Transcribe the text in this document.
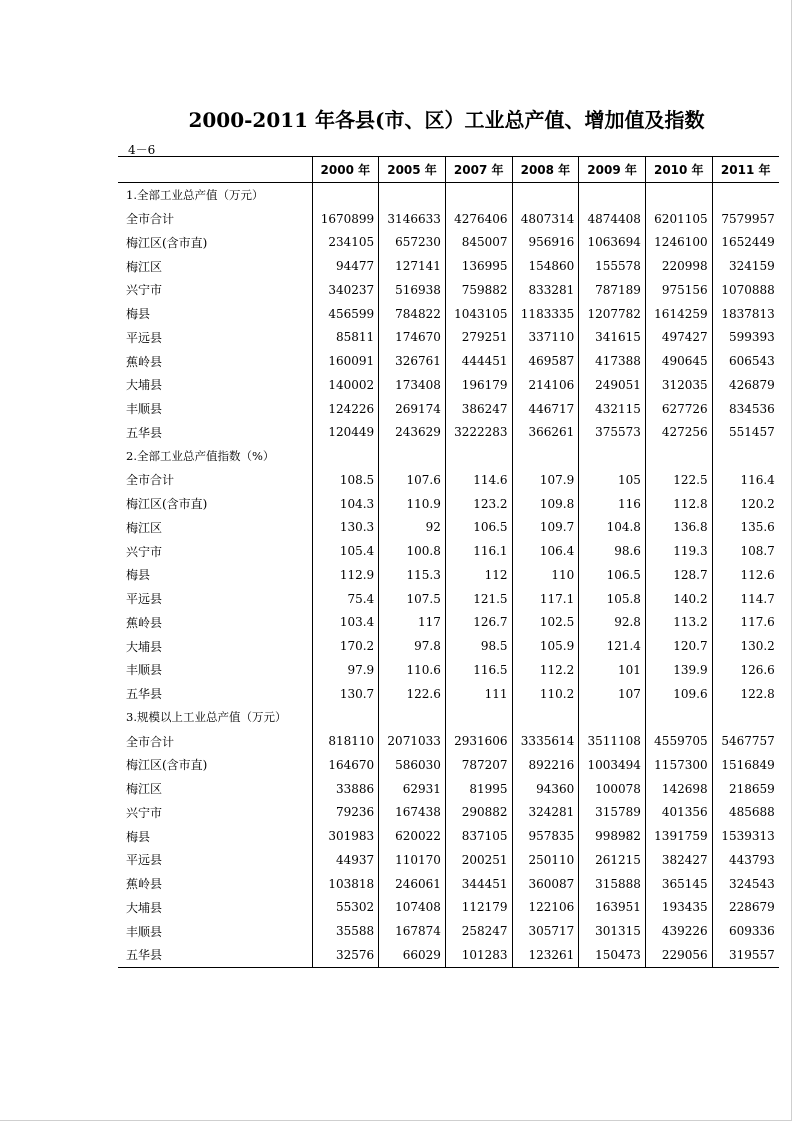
2000-2011 年各县(市、区）工业总产值、增加值及指数
4－6
	2000 年	2005 年	2007 年	2008 年	2009 年	2010 年	2011 年
1.全部工业总产值（万元）							
全市合计	1670899	3146633	4276406	4807314	4874408	6201105	7579957
梅江区(含市直)	234105	657230	845007	956916	1063694	1246100	1652449
梅江区	94477	127141	136995	154860	155578	220998	324159
兴宁市	340237	516938	759882	833281	787189	975156	1070888
梅县	456599	784822	1043105	1183335	1207782	1614259	1837813
平远县	85811	174670	279251	337110	341615	497427	599393
蕉岭县	160091	326761	444451	469587	417388	490645	606543
大埔县	140002	173408	196179	214106	249051	312035	426879
丰顺县	124226	269174	386247	446717	432115	627726	834536
五华县	120449	243629	3222283	366261	375573	427256	551457
2.全部工业总产值指数（%）							
全市合计	108.5	107.6	114.6	107.9	105	122.5	116.4
梅江区(含市直)	104.3	110.9	123.2	109.8	116	112.8	120.2
梅江区	130.3	92	106.5	109.7	104.8	136.8	135.6
兴宁市	105.4	100.8	116.1	106.4	98.6	119.3	108.7
梅县	112.9	115.3	112	110	106.5	128.7	112.6
平远县	75.4	107.5	121.5	117.1	105.8	140.2	114.7
蕉岭县	103.4	117	126.7	102.5	92.8	113.2	117.6
大埔县	170.2	97.8	98.5	105.9	121.4	120.7	130.2
丰顺县	97.9	110.6	116.5	112.2	101	139.9	126.6
五华县	130.7	122.6	111	110.2	107	109.6	122.8
3.规模以上工业总产值（万元）							
全市合计	818110	2071033	2931606	3335614	3511108	4559705	5467757
梅江区(含市直)	164670	586030	787207	892216	1003494	1157300	1516849
梅江区	33886	62931	81995	94360	100078	142698	218659
兴宁市	79236	167438	290882	324281	315789	401356	485688
梅县	301983	620022	837105	957835	998982	1391759	1539313
平远县	44937	110170	200251	250110	261215	382427	443793
蕉岭县	103818	246061	344451	360087	315888	365145	324543
大埔县	55302	107408	112179	122106	163951	193435	228679
丰顺县	35588	167874	258247	305717	301315	439226	609336
五华县	32576	66029	101283	123261	150473	229056	319557
